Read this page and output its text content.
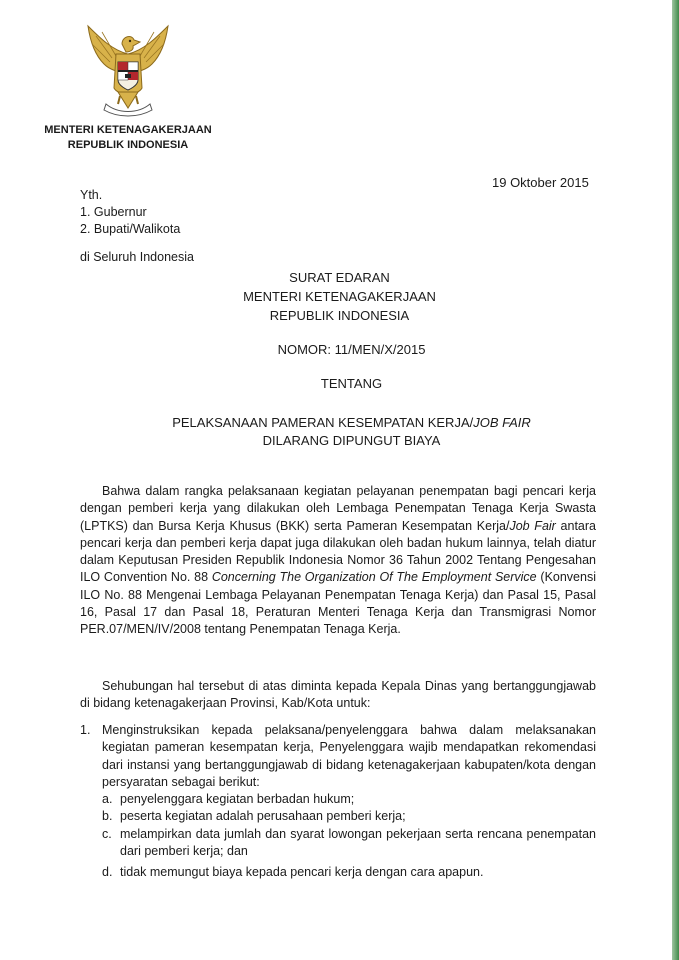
MENTERI KETENAGAKERJAAN
REPUBLIK INDONESIA
19 Oktober 2015
Yth.
1. Gubernur
2. Bupati/Walikota
di Seluruh Indonesia
SURAT EDARAN
MENTERI KETENAGAKERJAAN
REPUBLIK INDONESIA
NOMOR: 11/MEN/X/2015
TENTANG
PELAKSANAAN PAMERAN KESEMPATAN KERJA/JOB FAIR
DILARANG DIPUNGUT BIAYA

Bahwa dalam rangka pelaksanaan kegiatan pelayanan penempatan bagi pencari kerja dengan pemberi kerja yang dilakukan oleh Lembaga Penempatan Tenaga Kerja Swasta (LPTKS) dan Bursa Kerja Khusus (BKK) serta Pameran Kesempatan Kerja/Job Fair antara pencari kerja dan pemberi kerja dapat juga dilakukan oleh badan hukum lainnya, telah diatur dalam Keputusan Presiden Republik Indonesia Nomor 36 Tahun 2002 Tentang Pengesahan ILO Convention No. 88 Concerning The Organization Of The Employment Service (Konvensi ILO No. 88 Mengenai Lembaga Pelayanan Penempatan Tenaga Kerja) dan Pasal 15, Pasal 16, Pasal 17 dan Pasal 18, Peraturan Menteri Tenaga Kerja dan Transmigrasi Nomor PER.07/MEN/IV/2008 tentang Penempatan Tenaga Kerja.

Sehubungan hal tersebut di atas diminta kepada Kepala Dinas yang bertanggungjawab di bidang ketenagakerjaan Provinsi, Kab/Kota untuk:

1. Menginstruksikan kepada pelaksana/penyelenggara bahwa dalam melaksanakan kegiatan pameran kesempatan kerja, Penyelenggara wajib mendapatkan rekomendasi dari instansi yang bertanggungjawab di bidang ketenagakerjaan kabupaten/kota dengan persyaratan sebagai berikut:
a. penyelenggara kegiatan berbadan hukum;
b. peserta kegiatan adalah perusahaan pemberi kerja;
c. melampirkan data jumlah dan syarat lowongan pekerjaan serta rencana penempatan dari pemberi kerja; dan
d. tidak memungut biaya kepada pencari kerja dengan cara apapun.
